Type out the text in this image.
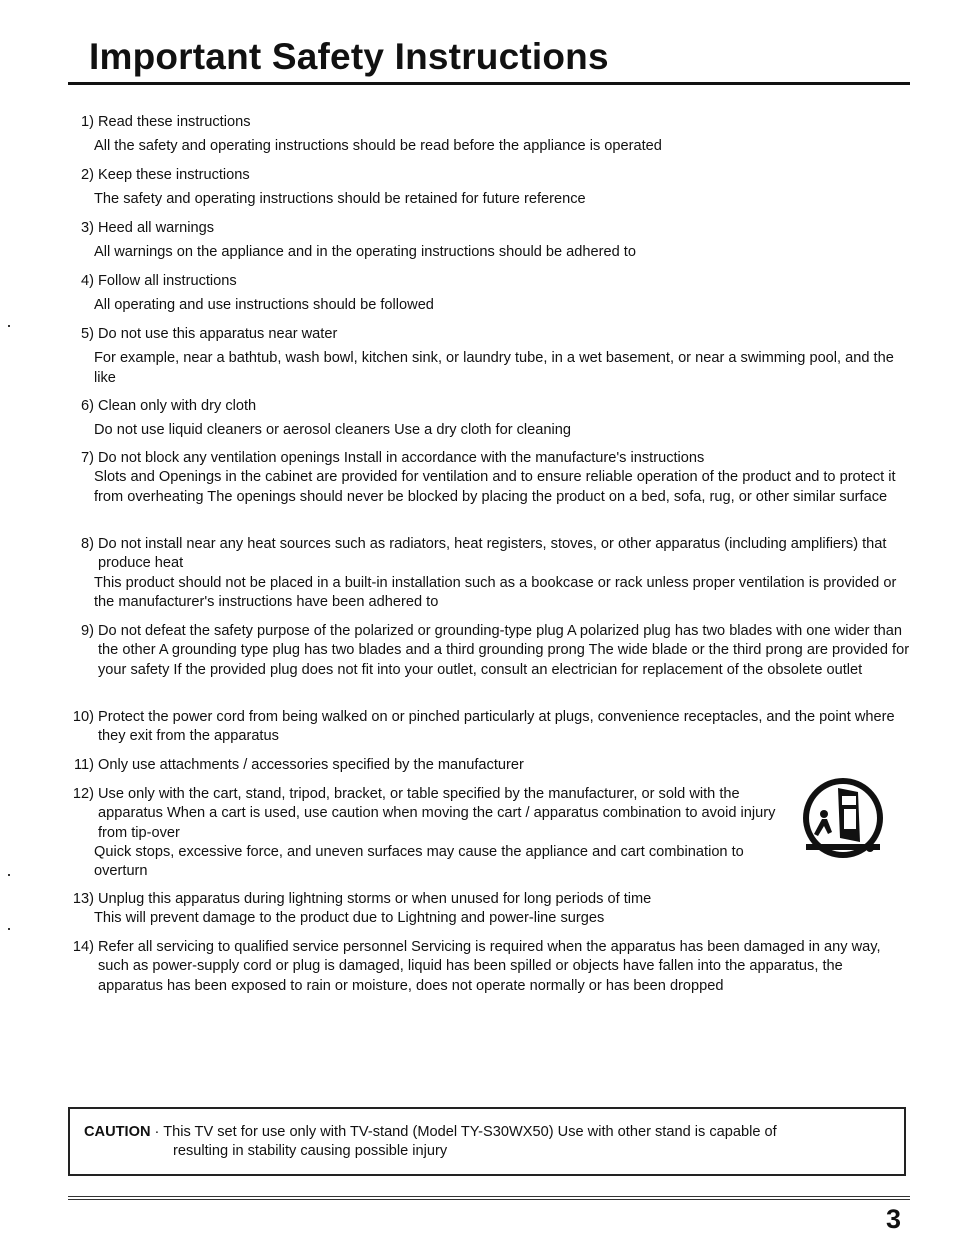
Important Safety Instructions
1) Read these instructions
All the safety and operating instructions should be read before the appliance is operated
2) Keep these instructions
The safety and operating instructions should be retained for future reference
3) Heed all warnings
All warnings on the appliance and in the operating instructions should be adhered to
4) Follow all instructions
All operating and use instructions should be followed
5) Do not use this apparatus near water
For example, near a bathtub, wash bowl, kitchen sink, or laundry tube, in a wet basement, or near a swimming pool, and the like
6) Clean only with dry cloth
Do not use liquid cleaners or aerosol cleaners Use a dry cloth for cleaning
7) Do not block any ventilation openings Install in accordance with the manufacture's instructions
Slots and Openings in the cabinet are provided for ventilation and to ensure reliable operation of the product and to protect it from overheating The openings should never be blocked by placing the product on a bed, sofa, rug, or other similar surface
8) Do not install near any heat sources such as radiators, heat registers, stoves, or other apparatus (including amplifiers) that produce heat
This product should not be placed in a built-in installation such as a bookcase or rack unless proper ventilation is provided or the manufacturer's instructions have been adhered to
9) Do not defeat the safety purpose of the polarized or grounding-type plug A polarized plug has two blades with one wider than the other A grounding type plug has two blades and a third grounding prong The wide blade or the third prong are provided for your safety If the provided plug does not fit into your outlet, consult an electrician for replacement of the obsolete outlet
10) Protect the power cord from being walked on or pinched particularly at plugs, convenience receptacles, and the point where they exit from the apparatus
11) Only use attachments / accessories specified by the manufacturer
12) Use only with the cart, stand, tripod, bracket, or table specified by the manufacturer, or sold with the apparatus When a cart is used, use caution when moving the cart / apparatus combination to avoid injury from tip-over
Quick stops, excessive force, and uneven surfaces may cause the appliance and cart combination to overturn
13) Unplug this apparatus during lightning storms or when unused for long periods of time
This will prevent damage to the product due to Lightning and power-line surges
14) Refer all servicing to qualified service personnel Servicing is required when the apparatus has been damaged in any way, such as power-supply cord or plug is damaged, liquid has been spilled or objects have fallen into the apparatus, the apparatus has been exposed to rain or moisture, does not operate normally or has been dropped
CAUTION · This TV set for use only with TV-stand (Model TY-S30WX50) Use with other stand is capable of
resulting in stability causing possible injury
3
